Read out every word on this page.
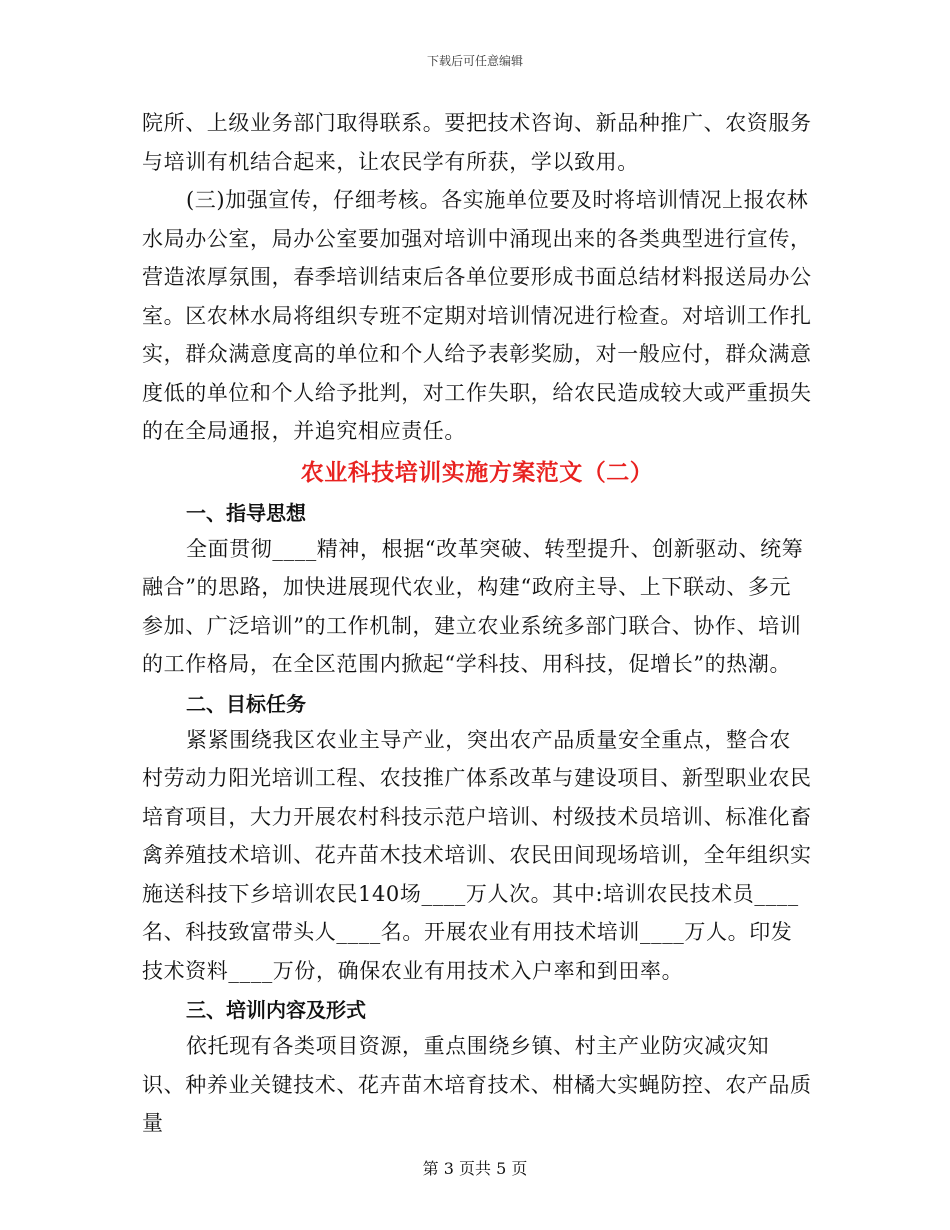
下载后可任意编辑

院所、上级业务部门取得联系。要把技术咨询、新品种推广、农资服务与培训有机结合起来，让农民学有所获，学以致用。

(三)加强宣传，仔细考核。各实施单位要及时将培训情况上报农林水局办公室，局办公室要加强对培训中涌现出来的各类典型进行宣传，营造浓厚氛围，春季培训结束后各单位要形成书面总结材料报送局办公室。区农林水局将组织专班不定期对培训情况进行检查。对培训工作扎实，群众满意度高的单位和个人给予表彰奖励，对一般应付，群众满意度低的单位和个人给予批判，对工作失职，给农民造成较大或严重损失的在全局通报，并追究相应责任。

农业科技培训实施方案范文（二）
一、指导思想

全面贯彻____精神，根据“改革突破、转型提升、创新驱动、统筹融合”的思路，加快进展现代农业，构建“政府主导、上下联动、多元参加、广泛培训”的工作机制，建立农业系统多部门联合、协作、培训的工作格局，在全区范围内掀起“学科技、用科技，促增长”的热潮。

二、目标任务

紧紧围绕我区农业主导产业，突出农产品质量安全重点，整合农村劳动力阳光培训工程、农技推广体系改革与建设项目、新型职业农民培育项目，大力开展农村科技示范户培训、村级技术员培训、标准化畜禽养殖技术培训、花卉苗木技术培训、农民田间现场培训，全年组织实施送科技下乡培训农民140场____万人次。其中:培训农民技术员____名、科技致富带头人____名。开展农业有用技术培训____万人。印发技术资料____万份，确保农业有用技术入户率和到田率。

三、培训内容及形式

依托现有各类项目资源，重点围绕乡镇、村主产业防灾减灾知识、种养业关键技术、花卉苗木培育技术、柑橘大实蝇防控、农产品质量

第 3 页共 5 页
